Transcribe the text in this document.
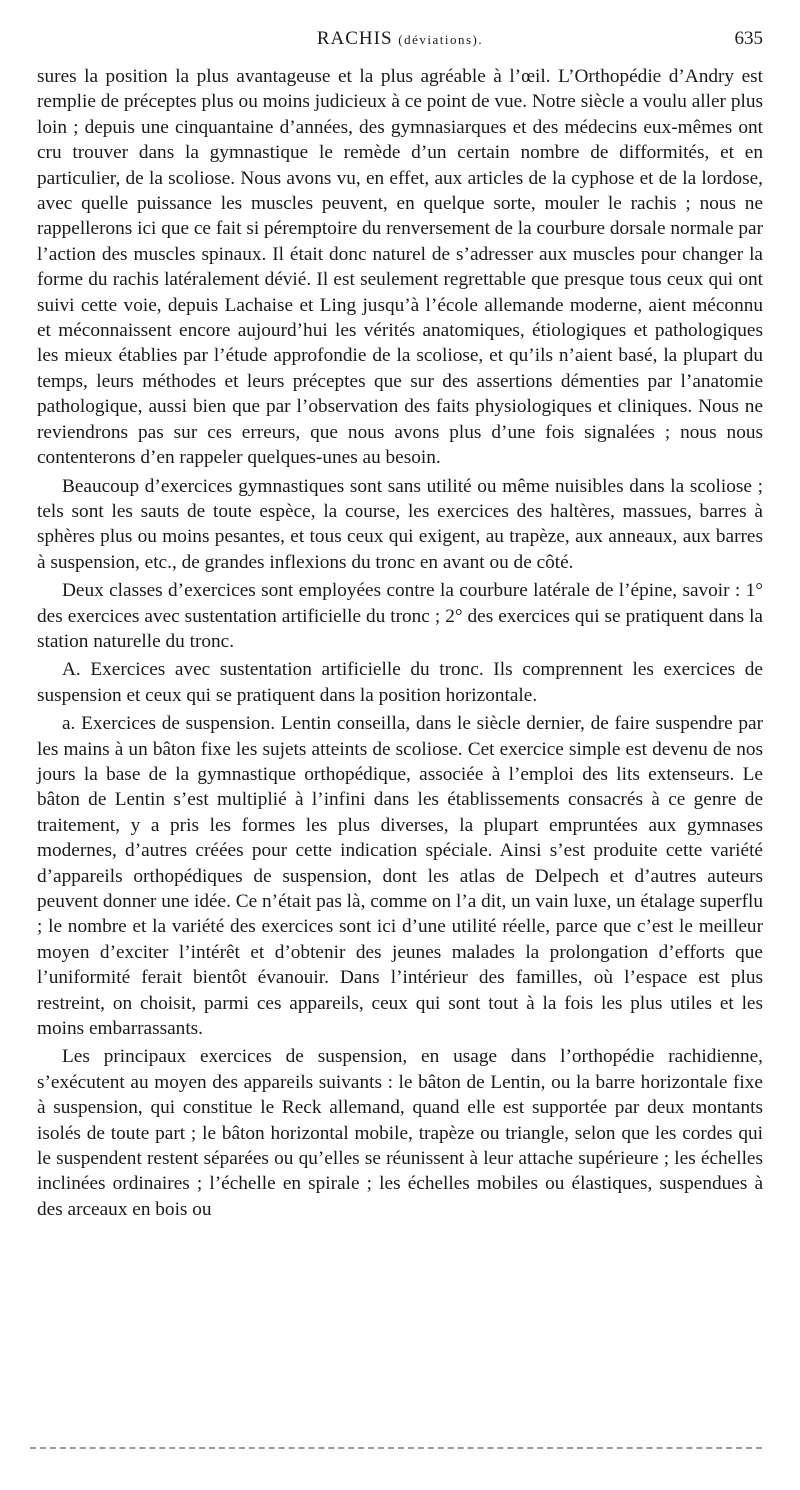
RACHIS (déviations).	635

sures la position la plus avantageuse et la plus agréable à l’œil. L’Orthopédie d’Andry est remplie de préceptes plus ou moins judicieux à ce point de vue. Notre siècle a voulu aller plus loin ; depuis une cinquantaine d’années, des gymnasiarques et des médecins eux-mêmes ont cru trouver dans la gymnastique le remède d’un certain nombre de difformités, et en particulier, de la scoliose. Nous avons vu, en effet, aux articles de la cyphose et de la lordose, avec quelle puissance les muscles peuvent, en quelque sorte, mouler le rachis ; nous ne rappellerons ici que ce fait si péremptoire du renversement de la courbure dorsale normale par l’action des muscles spinaux. Il était donc naturel de s’adresser aux muscles pour changer la forme du rachis latéralement dévié. Il est seulement regrettable que presque tous ceux qui ont suivi cette voie, depuis Lachaise et Ling jusqu’à l’école allemande moderne, aient méconnu et méconnaissent encore aujourd’hui les vérités anatomiques, étiologiques et pathologiques les mieux établies par l’étude approfondie de la scoliose, et qu’ils n’aient basé, la plupart du temps, leurs méthodes et leurs préceptes que sur des assertions démenties par l’anatomie pathologique, aussi bien que par l’observation des faits physiologiques et cliniques. Nous ne reviendrons pas sur ces erreurs, que nous avons plus d’une fois signalées ; nous nous contenterons d’en rappeler quelques-unes au besoin.

Beaucoup d’exercices gymnastiques sont sans utilité ou même nuisibles dans la scoliose ; tels sont les sauts de toute espèce, la course, les exercices des haltères, massues, barres à sphères plus ou moins pesantes, et tous ceux qui exigent, au trapèze, aux anneaux, aux barres à suspension, etc., de grandes inflexions du tronc en avant ou de côté.

Deux classes d’exercices sont employées contre la courbure latérale de l’épine, savoir : 1° des exercices avec sustentation artificielle du tronc ; 2° des exercices qui se pratiquent dans la station naturelle du tronc.

A. Exercices avec sustentation artificielle du tronc. Ils comprennent les exercices de suspension et ceux qui se pratiquent dans la position horizontale.

a. Exercices de suspension. Lentin conseilla, dans le siècle dernier, de faire suspendre par les mains à un bâton fixe les sujets atteints de scoliose. Cet exercice simple est devenu de nos jours la base de la gymnastique orthopédique, associée à l’emploi des lits extenseurs. Le bâton de Lentin s’est multiplié à l’infini dans les établissements consacrés à ce genre de traitement, y a pris les formes les plus diverses, la plupart empruntées aux gymnases modernes, d’autres créées pour cette indication spéciale. Ainsi s’est produite cette variété d’appareils orthopédiques de suspension, dont les atlas de Delpech et d’autres auteurs peuvent donner une idée. Ce n’était pas là, comme on l’a dit, un vain luxe, un étalage superflu ; le nombre et la variété des exercices sont ici d’une utilité réelle, parce que c’est le meilleur moyen d’exciter l’intérêt et d’obtenir des jeunes malades la prolongation d’efforts que l’uniformité ferait bientôt évanouir. Dans l’intérieur des familles, où l’espace est plus restreint, on choisit, parmi ces appareils, ceux qui sont tout à la fois les plus utiles et les moins embarrassants.

Les principaux exercices de suspension, en usage dans l’orthopédie rachidienne, s’exécutent au moyen des appareils suivants : le bâton de Lentin, ou la barre horizontale fixe à suspension, qui constitue le Reck allemand, quand elle est supportée par deux montants isolés de toute part ; le bâton horizontal mobile, trapèze ou triangle, selon que les cordes qui le suspendent restent séparées ou qu’elles se réunissent à leur attache supérieure ; les échelles inclinées ordinaires ; l’échelle en spirale ; les échelles mobiles ou élastiques, suspendues à des arceaux en bois ou
